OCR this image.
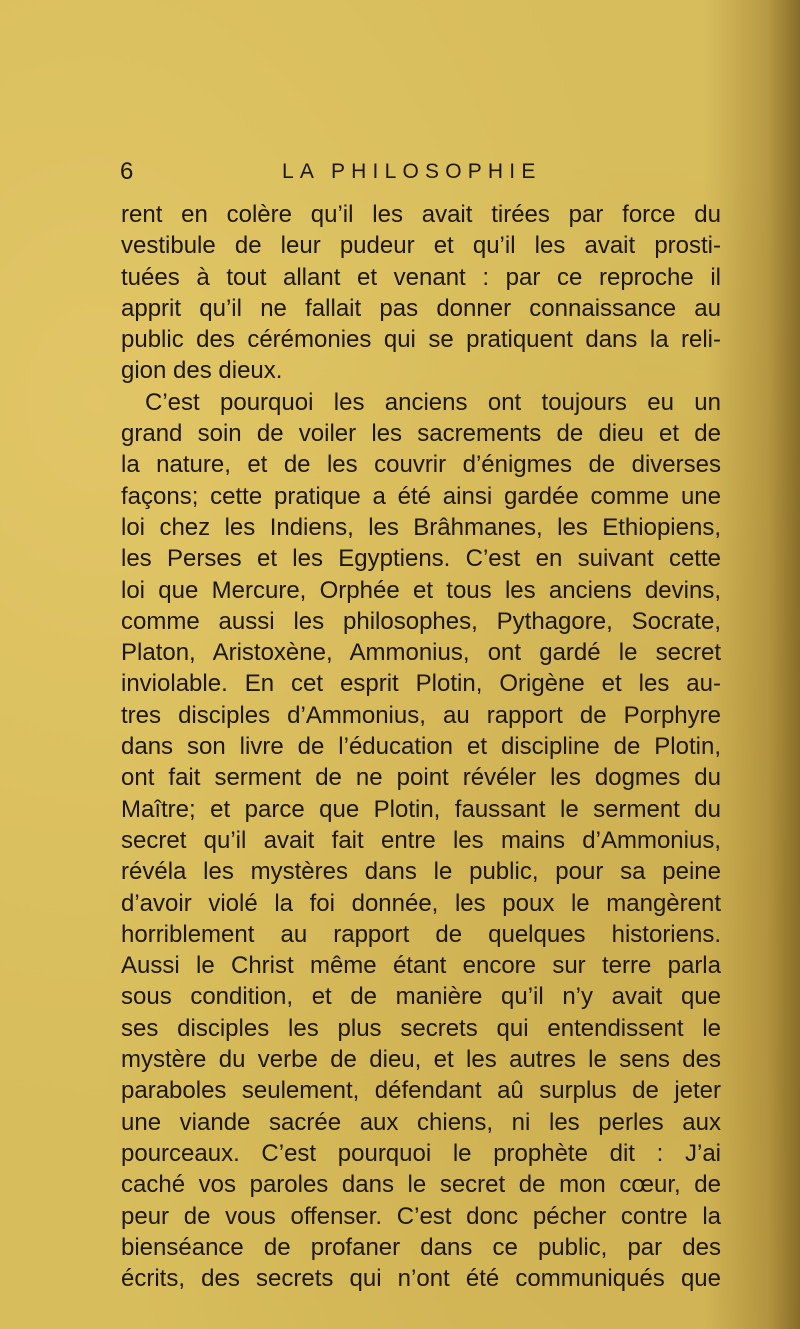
6	LA PHILOSOPHIE
rent en colère qu’il les avait tirées par force du
vestibule de leur pudeur et qu’il les avait prosti-
tuées à tout allant et venant : par ce reproche il
apprit qu’il ne fallait pas donner connaissance au
public des cérémonies qui se pratiquent dans la reli-
gion des dieux.
C’est pourquoi les anciens ont toujours eu un
grand soin de voiler les sacrements de dieu et de
la nature, et de les couvrir d’énigmes de diverses
façons; cette pratique a été ainsi gardée comme une
loi chez les Indiens, les Brâhmanes, les Ethiopiens,
les Perses et les Egyptiens. C’est en suivant cette
loi que Mercure, Orphée et tous les anciens devins,
comme aussi les philosophes, Pythagore, Socrate,
Platon, Aristoxène, Ammonius, ont gardé le secret
inviolable. En cet esprit Plotin, Origène et les au-
tres disciples d’Ammonius, au rapport de Porphyre
dans son livre de l’éducation et discipline de Plotin,
ont fait serment de ne point révéler les dogmes du
Maître; et parce que Plotin, faussant le serment du
secret qu’il avait fait entre les mains d’Ammonius,
révéla les mystères dans le public, pour sa peine
d’avoir violé la foi donnée, les poux le mangèrent
horriblement au rapport de quelques historiens.
Aussi le Christ même étant encore sur terre parla
sous condition, et de manière qu’il n’y avait que
ses disciples les plus secrets qui entendissent le
mystère du verbe de dieu, et les autres le sens des
paraboles seulement, défendant aû surplus de jeter
une viande sacrée aux chiens, ni les perles aux
pourceaux. C’est pourquoi le prophète dit : J’ai
caché vos paroles dans le secret de mon cœur, de
peur de vous offenser. C’est donc pécher contre la
bienséance de profaner dans ce public, par des
écrits, des secrets qui n’ont été communiqués que
